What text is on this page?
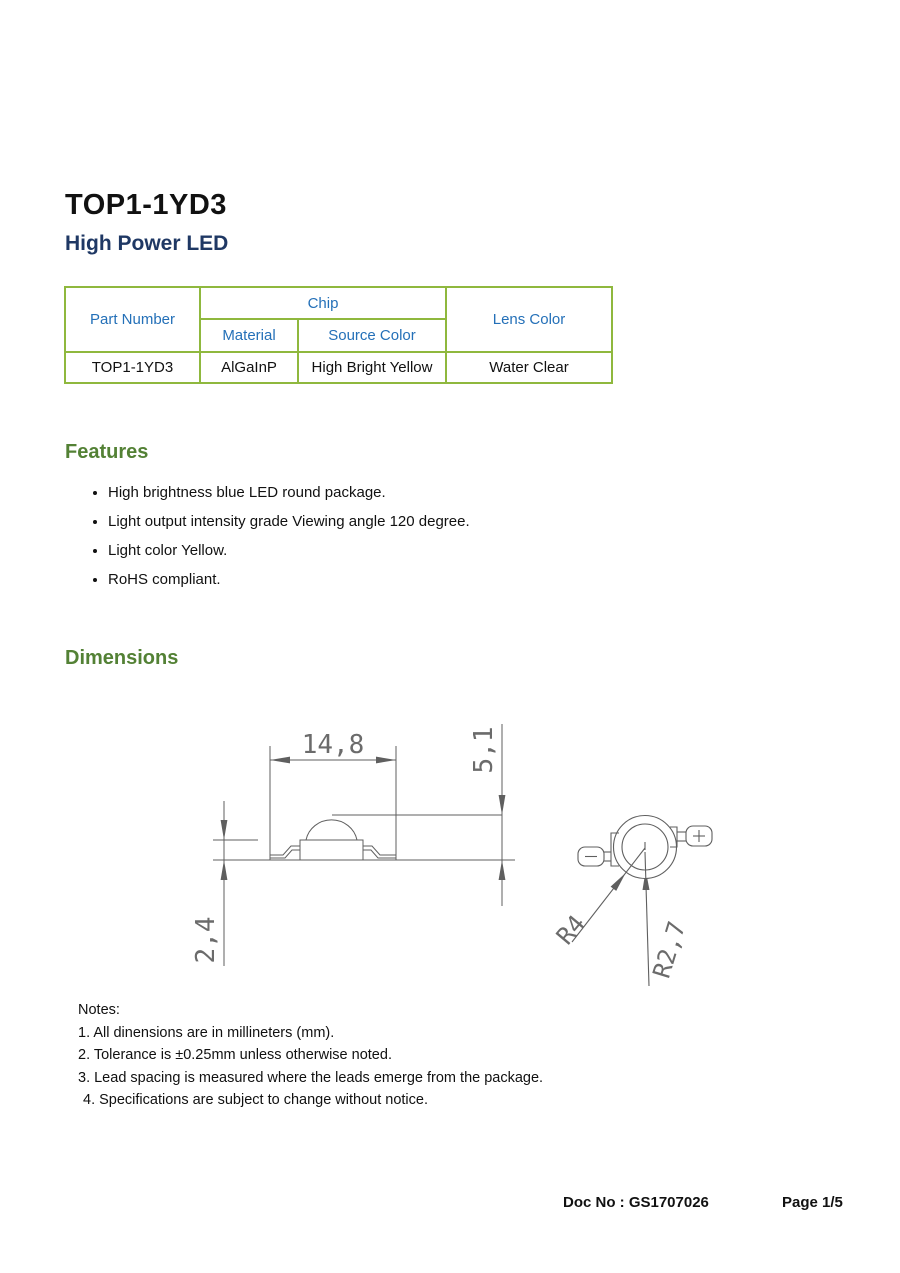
TOP1-1YD3
High Power LED
Part Number	Chip		Lens Color
	Material	Source Color	
TOP1-1YD3	AlGaInP	High Bright Yellow	Water Clear
Features
• High brightness blue LED round package.
• Light output intensity grade Viewing angle 120 degree.
• Light color Yellow.
• RoHS compliant.
Dimensions
14,8	5,1
2,4	R4 R2,7
Notes:
1. All dinensions are in millineters (mm).
2. Tolerance is ±0.25mm unless otherwise noted.
3. Lead spacing is measured where the leads emerge from the package.
4. Specifications are subject to change without notice.
Doc No : GS1707026	Page 1/5
